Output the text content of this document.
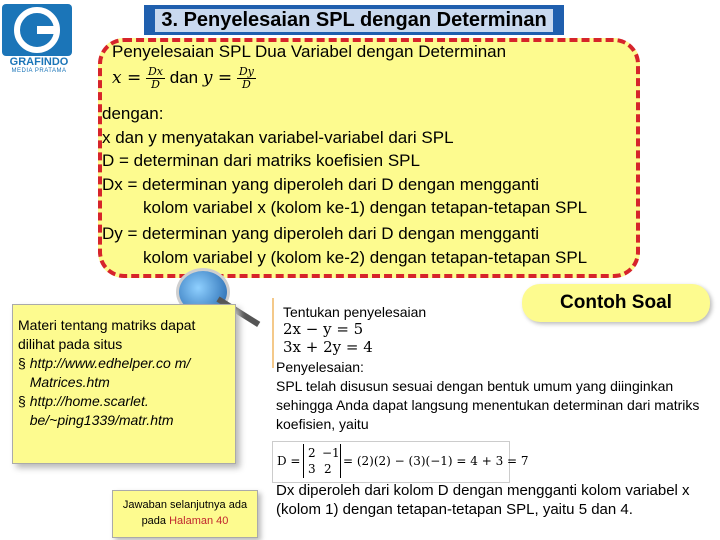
GRAFINDO
MEDIA PRATAMA
3. Penyelesaian SPL dengan Determinan
Penyelesaian SPL Dua Variabel dengan Determinan
$x = \frac{Dx}{D}$ dan $y = \frac{Dy}{D}$
dengan:
x dan y menyatakan variabel-variabel dari SPL
D = determinan dari matriks koefisien SPL
Dx = determinan yang diperoleh dari D dengan mengganti
kolom variabel x (kolom ke-1) dengan tetapan-tetapan SPL
Dy = determinan yang diperoleh dari D dengan mengganti
kolom variabel y (kolom ke-2) dengan tetapan-tetapan SPL
Materi tentang matriks dapat dilihat pada situs
§ http://www.edhelper.co m/ Matrices.htm
§ http://home.scarlet. be/~ping1339/matr.htm
Jawaban selanjutnya ada pada Halaman 40
Contoh Soal
Tentukan penyelesaian
2x − y = 5
3x + 2y = 4
Penyelesaian:
SPL telah disusun sesuai dengan bentuk umum yang diinginkan sehingga Anda dapat langsung menentukan determinan dari matriks koefisien, yaitu
D =
2 −1
3 2
= (2)(2) − (3)(−1) = 4 + 3 = 7
Dx diperoleh dari kolom D dengan mengganti kolom variabel x (kolom 1) dengan tetapan-tetapan SPL, yaitu 5 dan 4.
